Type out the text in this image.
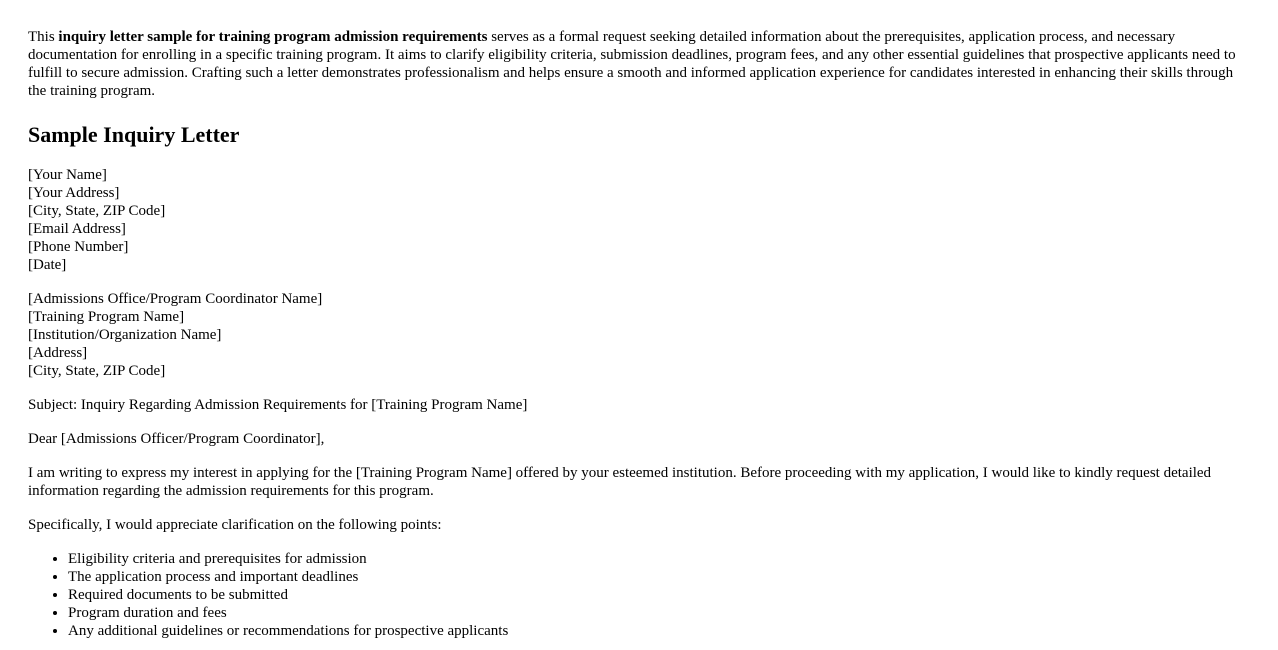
This inquiry letter sample for training program admission requirements serves as a formal request seeking detailed information about the prerequisites, application process, and necessary documentation for enrolling in a specific training program. It aims to clarify eligibility criteria, submission deadlines, program fees, and any other essential guidelines that prospective applicants need to fulfill to secure admission. Crafting such a letter demonstrates professionalism and helps ensure a smooth and informed application experience for candidates interested in enhancing their skills through the training program.

Sample Inquiry Letter
[Your Name]
[Your Address]
[City, State, ZIP Code]
[Email Address]
[Phone Number]
[Date]
[Admissions Office/Program Coordinator Name]
[Training Program Name]
[Institution/Organization Name]
[Address]
[City, State, ZIP Code]

Subject: Inquiry Regarding Admission Requirements for [Training Program Name]

Dear [Admissions Officer/Program Coordinator],

I am writing to express my interest in applying for the [Training Program Name] offered by your esteemed institution. Before proceeding with my application, I would like to kindly request detailed information regarding the admission requirements for this program.

Specifically, I would appreciate clarification on the following points:

• Eligibility criteria and prerequisites for admission
• The application process and important deadlines
• Required documents to be submitted
• Program duration and fees
• Any additional guidelines or recommendations for prospective applicants
